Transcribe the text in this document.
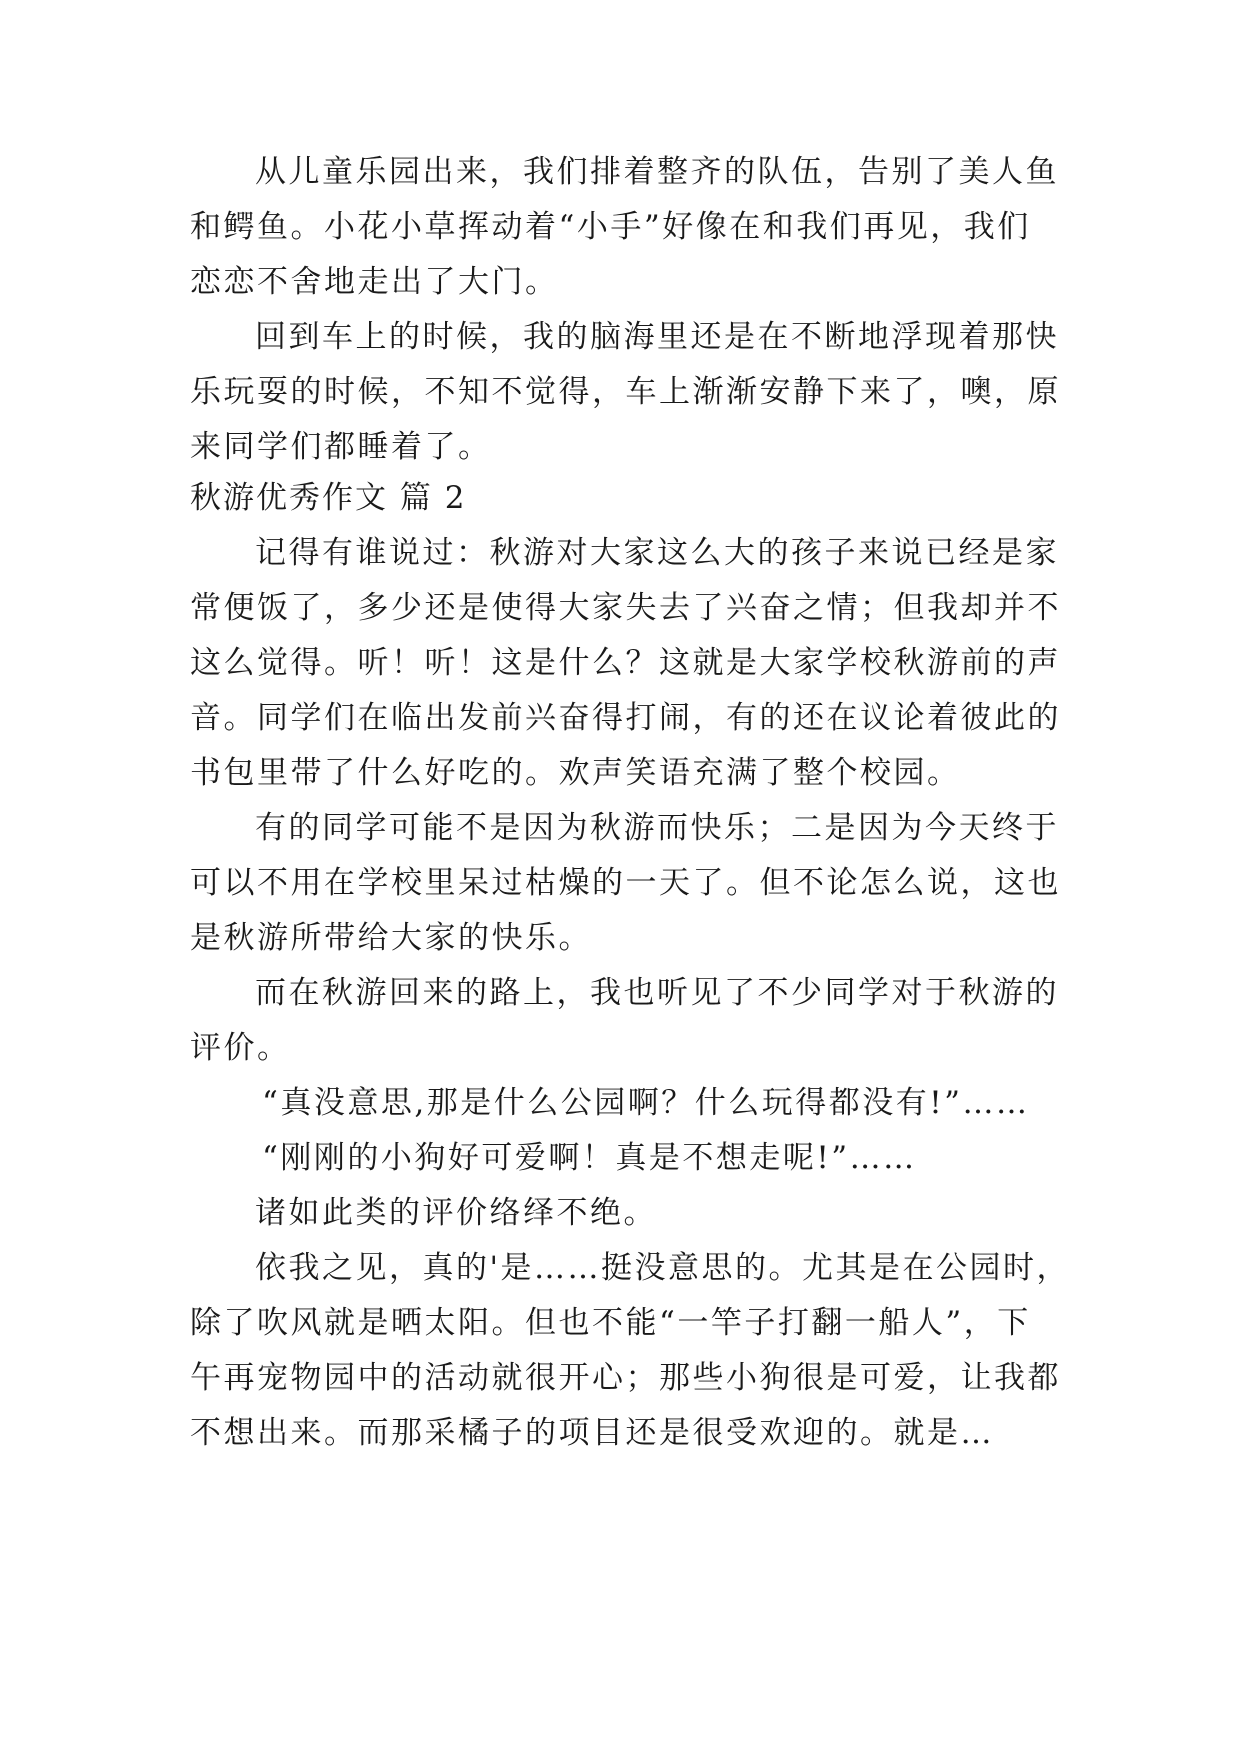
从儿童乐园出来，我们排着整齐的队伍，告别了美人鱼
和鳄鱼。小花小草挥动着“小手”好像在和我们再见，我们
恋恋不舍地走出了大门。
回到车上的时候，我的脑海里还是在不断地浮现着那快
乐玩耍的时候，不知不觉得，车上渐渐安静下来了，噢，原
来同学们都睡着了。
秋游优秀作文 篇 2
记得有谁说过：秋游对大家这么大的孩子来说已经是家
常便饭了，多少还是使得大家失去了兴奋之情；但我却并不
这么觉得。听！听！这是什么？这就是大家学校秋游前的声
音。同学们在临出发前兴奋得打闹，有的还在议论着彼此的
书包里带了什么好吃的。欢声笑语充满了整个校园。
有的同学可能不是因为秋游而快乐；二是因为今天终于
可以不用在学校里呆过枯燥的一天了。但不论怎么说，这也
是秋游所带给大家的快乐。
而在秋游回来的路上，我也听见了不少同学对于秋游的
评价。
“真没意思,那是什么公园啊？什么玩得都没有!”……
“刚刚的小狗好可爱啊！真是不想走呢!”……
诸如此类的评价络绎不绝。
依我之见，真的'是……挺没意思的。尤其是在公园时，
除了吹风就是晒太阳。但也不能“一竿子打翻一船人”，下
午再宠物园中的活动就很开心；那些小狗很是可爱，让我都
不想出来。而那采橘子的项目还是很受欢迎的。就是…
